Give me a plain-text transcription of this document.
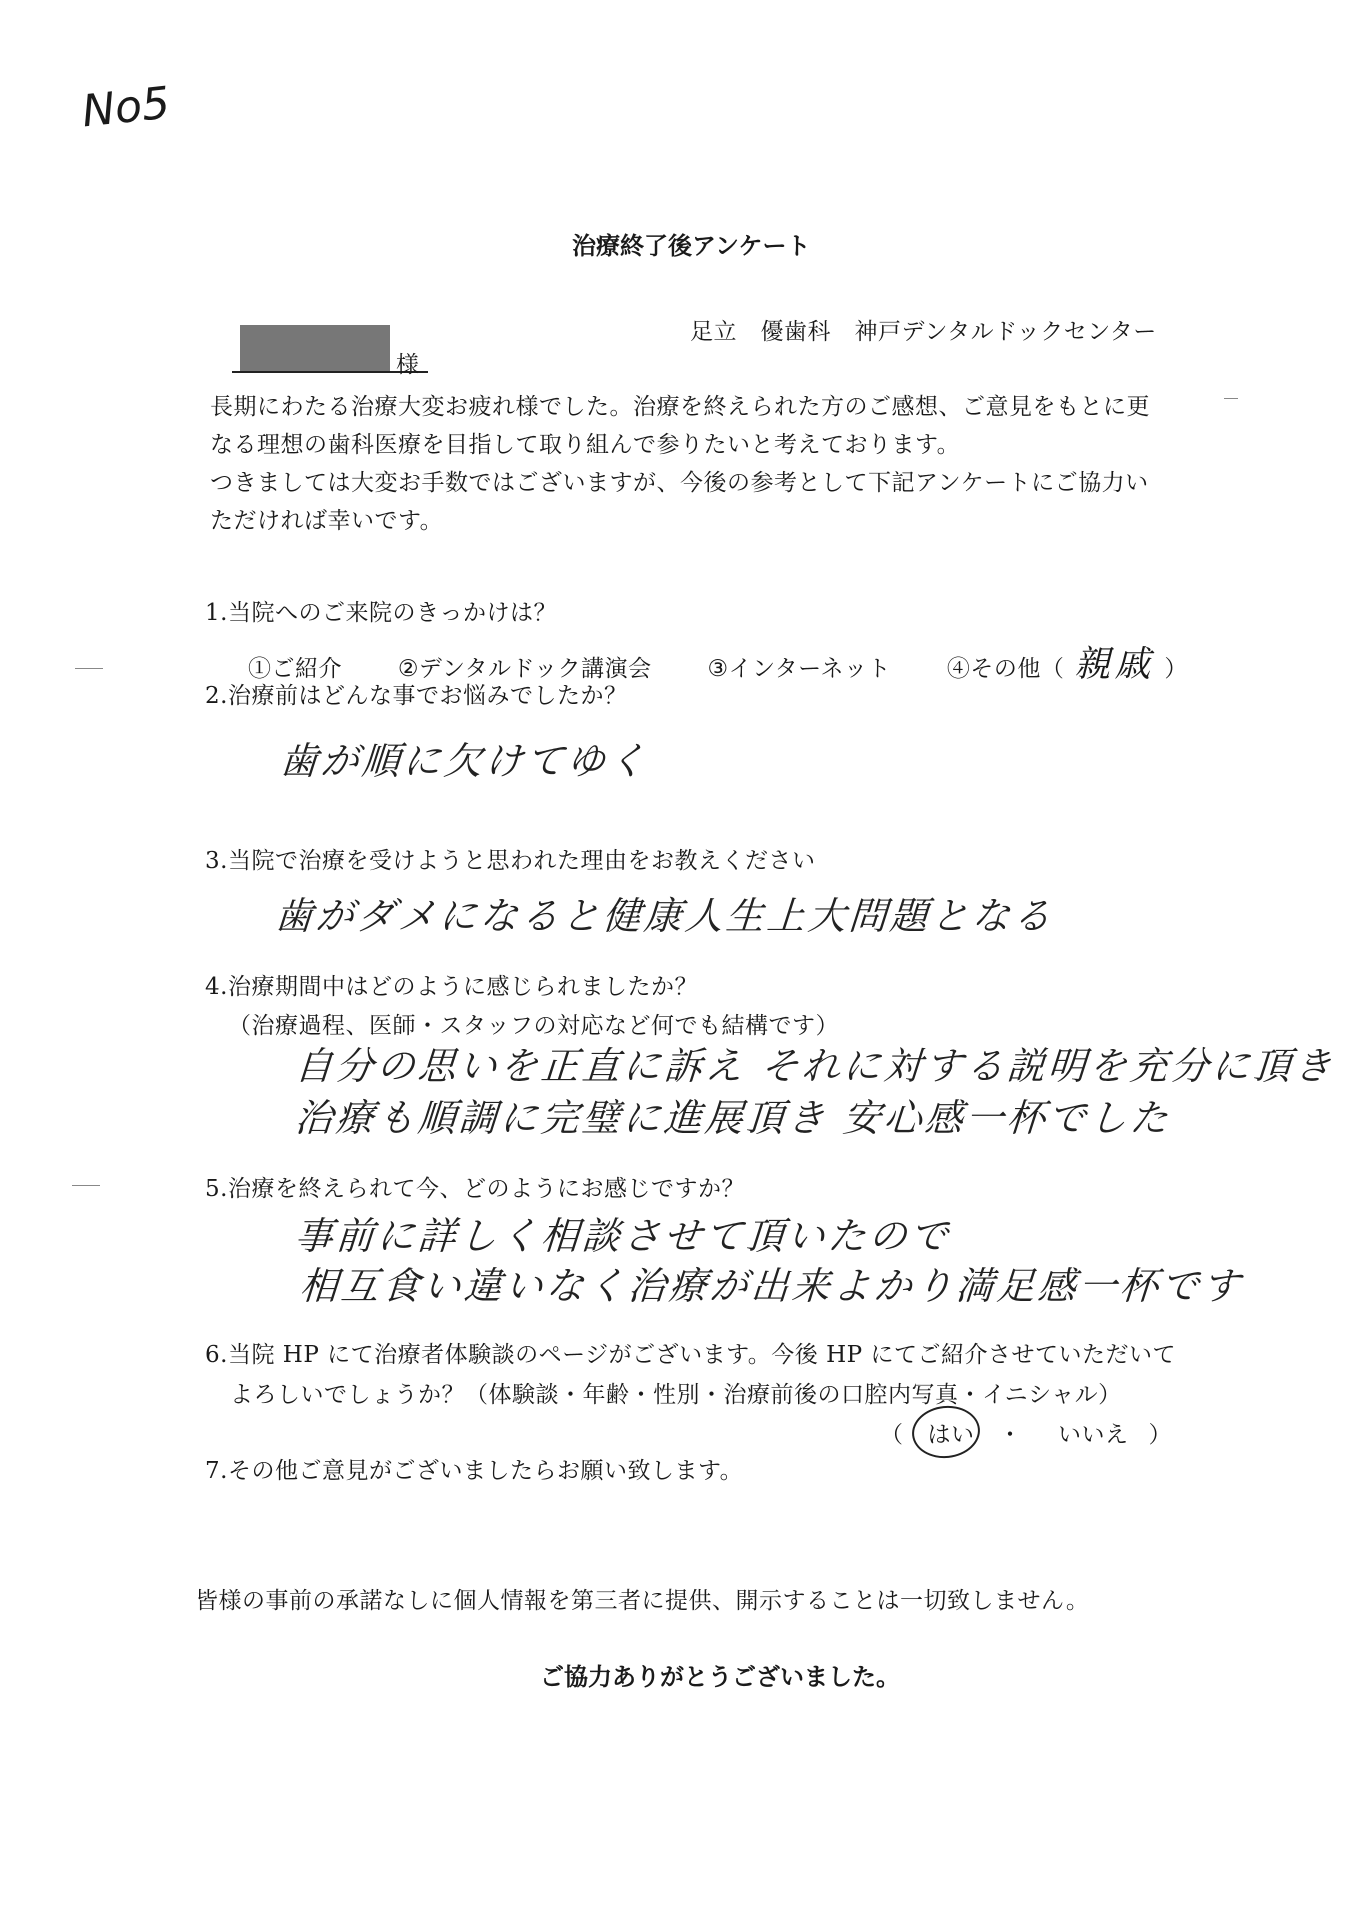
No5
治療終了後アンケート
足立　優歯科　神戸デンタルドックセンター
様
長期にわたる治療大変お疲れ様でした。治療を終えられた方のご感想、ご意見をもとに更
なる理想の歯科医療を目指して取り組んで参りたいと考えております。
つきましては大変お手数ではございますが、今後の参考として下記アンケートにご協力い
ただければ幸いです。
1.当院へのご来院のきっかけは？
①ご紹介 ②デンタルドック講演会 ③インターネット ④その他（ 親戚 ）
2.治療前はどんな事でお悩みでしたか？
歯が順に欠けてゆく
3.当院で治療を受けようと思われた理由をお教えください
歯がダメになると健康人生上大問題となる
4.治療期間中はどのように感じられましたか？
（治療過程、医師・スタッフの対応など何でも結構です）
自分の思いを正直に訴え それに対する説明を充分に頂き
治療も順調に完璧に進展頂き 安心感一杯でした
5.治療を終えられて今、どのようにお感じですか？
事前に詳しく相談させて頂いたので
相互食い違いなく治療が出来よかり満足感一杯です
6.当院 HP にて治療者体験談のページがございます。今後 HP にてご紹介させていただいて
よろしいでしょうか？（体験談・年齢・性別・治療前後の口腔内写真・イニシャル）
（ はい ・ いいえ ）
7.その他ご意見がございましたらお願い致します。
皆様の事前の承諾なしに個人情報を第三者に提供、開示することは一切致しません。
ご協力ありがとうございました。
